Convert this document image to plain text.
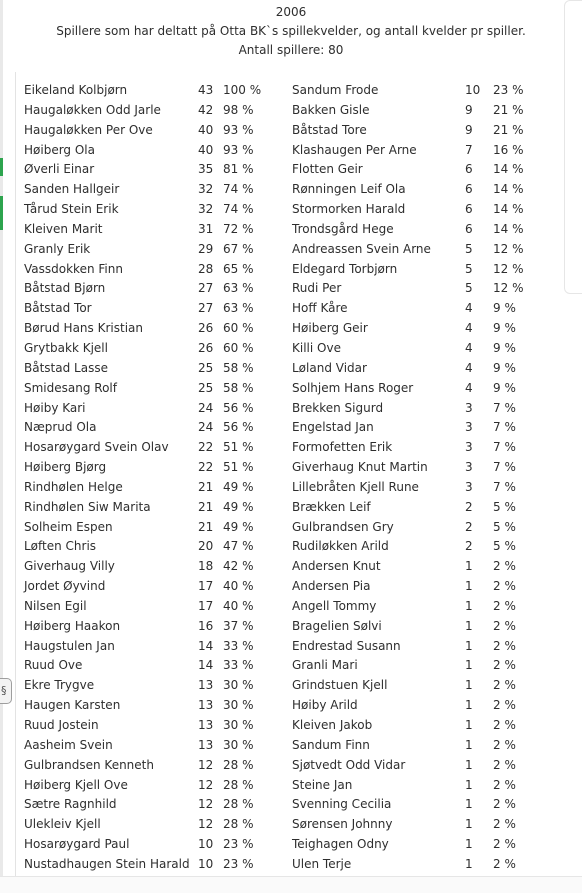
§
2006
Spillere som har deltatt på Otta BK`s spillekvelder, og antall kvelder pr spiller.
Antall spillere: 80
Eikeland Kolbjørn	43 100 %	Sandum Frode	10 23 %
Haugaløkken Odd Jarle	42 98 %	Bakken Gisle	9 21 %
Haugaløkken Per Ove	40 93 %	Båtstad Tore	9 21 %
Høiberg Ola	40 93 %	Klashaugen Per Arne	7 16 %
Øverli Einar	35 81 %	Flotten Geir	6 14 %
Sanden Hallgeir	32 74 %	Rønningen Leif Ola	6 14 %
Tårud Stein Erik	32 74 %	Stormorken Harald	6 14 %
Kleiven Marit	31 72 %	Trondsgård Hege	6 14 %
Granly Erik	29 67 %	Andreassen Svein Arne	5 12 %
Vassdokken Finn	28 65 %	Eldegard Torbjørn	5 12 %
Båtstad Bjørn	27 63 %	Rudi Per	5 12 %
Båtstad Tor	27 63 %	Hoff Kåre	4 9 %
Børud Hans Kristian	26 60 %	Høiberg Geir	4 9 %
Grytbakk Kjell	26 60 %	Killi Ove	4 9 %
Båtstad Lasse	25 58 %	Løland Vidar	4 9 %
Smidesang Rolf	25 58 %	Solhjem Hans Roger	4 9 %
Høiby Kari	24 56 %	Brekken Sigurd	3 7 %
Næprud Ola	24 56 %	Engelstad Jan	3 7 %
Hosarøygard Svein Olav 22 51 %	Formofetten Erik	3 7 %
Høiberg Bjørg	22 51 %	Giverhaug Knut Martin	3 7 %
Rindhølen Helge	21 49 %	Lillebråten Kjell Rune	3 7 %
Rindhølen Siw Marita	21 49 %	Brækken Leif	2 5 %
Solheim Espen	21 49 %	Gulbrandsen Gry	2 5 %
Løften Chris	20 47 %	Rudiløkken Arild	2 5 %
Giverhaug Villy	18 42 %	Andersen Knut	1 2 %
Jordet Øyvind	17 40 %	Andersen Pia	1 2 %
Nilsen Egil	17 40 %	Angell Tommy	1 2 %
Høiberg Haakon	16 37 %	Bragelien Sølvi	1 2 %
Haugstulen Jan	14 33 %	Endrestad Susann	1 2 %
Ruud Ove	14 33 %	Granli Mari	1 2 %
Ekre Trygve	13 30 %	Grindstuen Kjell	1 2 %
Haugen Karsten	13 30 %	Høiby Arild	1 2 %
Ruud Jostein	13 30 %	Kleiven Jakob	1 2 %
Aasheim Svein	13 30 %	Sandum Finn	1 2 %
Gulbrandsen Kenneth	12 28 %	Sjøtvedt Odd Vidar	1 2 %
Høiberg Kjell Ove	12 28 %	Steine Jan	1 2 %
Sætre Ragnhild	12 28 %	Svenning Cecilia	1 2 %
Ulekleiv Kjell	12 28 %	Sørensen Johnny	1 2 %
Hosarøygard Paul	10 23 %	Teighagen Odny	1 2 %
Nustadhaugen Stein Harald 10 23 %	Ulen Terje	1 2 %
